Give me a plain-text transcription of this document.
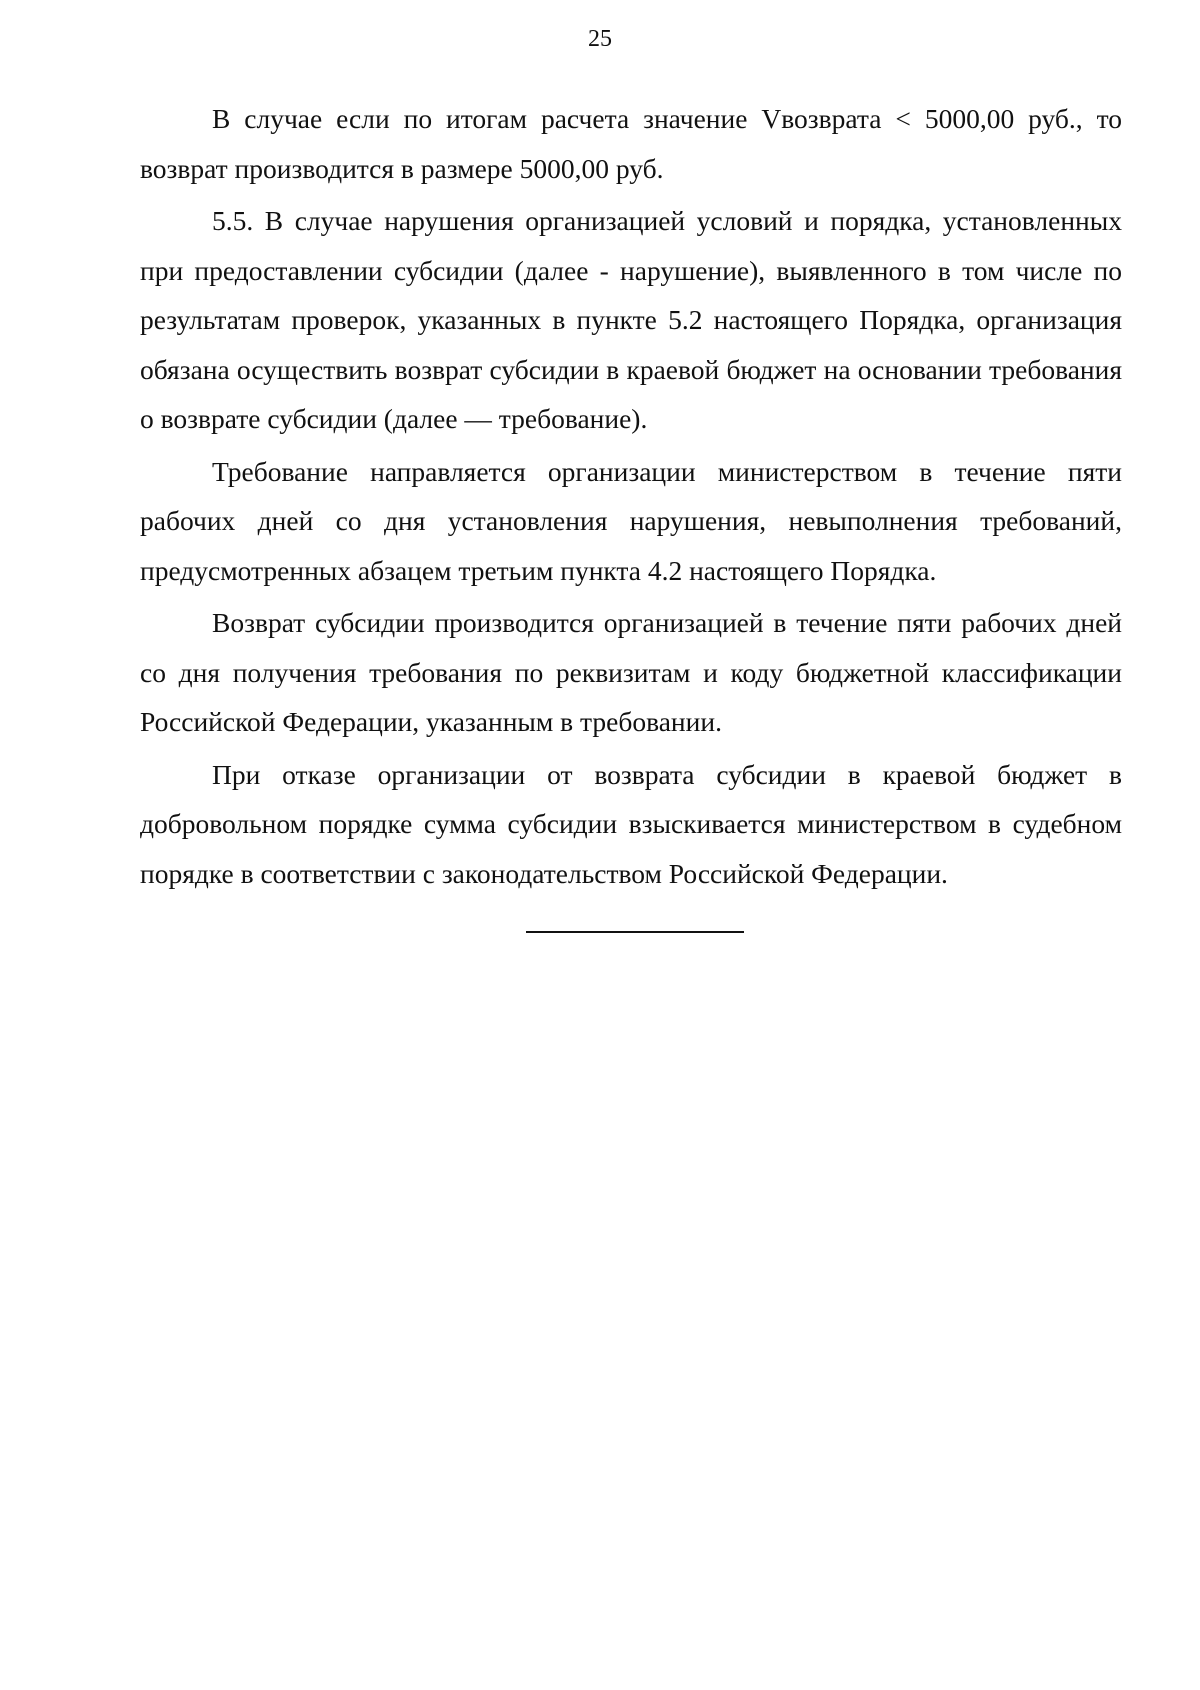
25

В случае если по итогам расчета значение Vвозврата < 5000,00 руб., то возврат производится в размере 5000,00 руб.

5.5. В случае нарушения организацией условий и порядка, установленных при предоставлении субсидии (далее - нарушение), выявленного в том числе по результатам проверок, указанных в пункте 5.2 настоящего Порядка, организация обязана осуществить возврат субсидии в краевой бюджет на основании требования о возврате субсидии (далее — требование).

Требование направляется организации министерством в течение пяти рабочих дней со дня установления нарушения, невыполнения требований, предусмотренных абзацем третьим пункта 4.2 настоящего Порядка.

Возврат субсидии производится организацией в течение пяти рабочих дней со дня получения требования по реквизитам и коду бюджетной классификации Российской Федерации, указанным в требовании.

При отказе организации от возврата субсидии в краевой бюджет в добровольном порядке сумма субсидии взыскивается министерством в судебном порядке в соответствии с законодательством Российской Федерации.
